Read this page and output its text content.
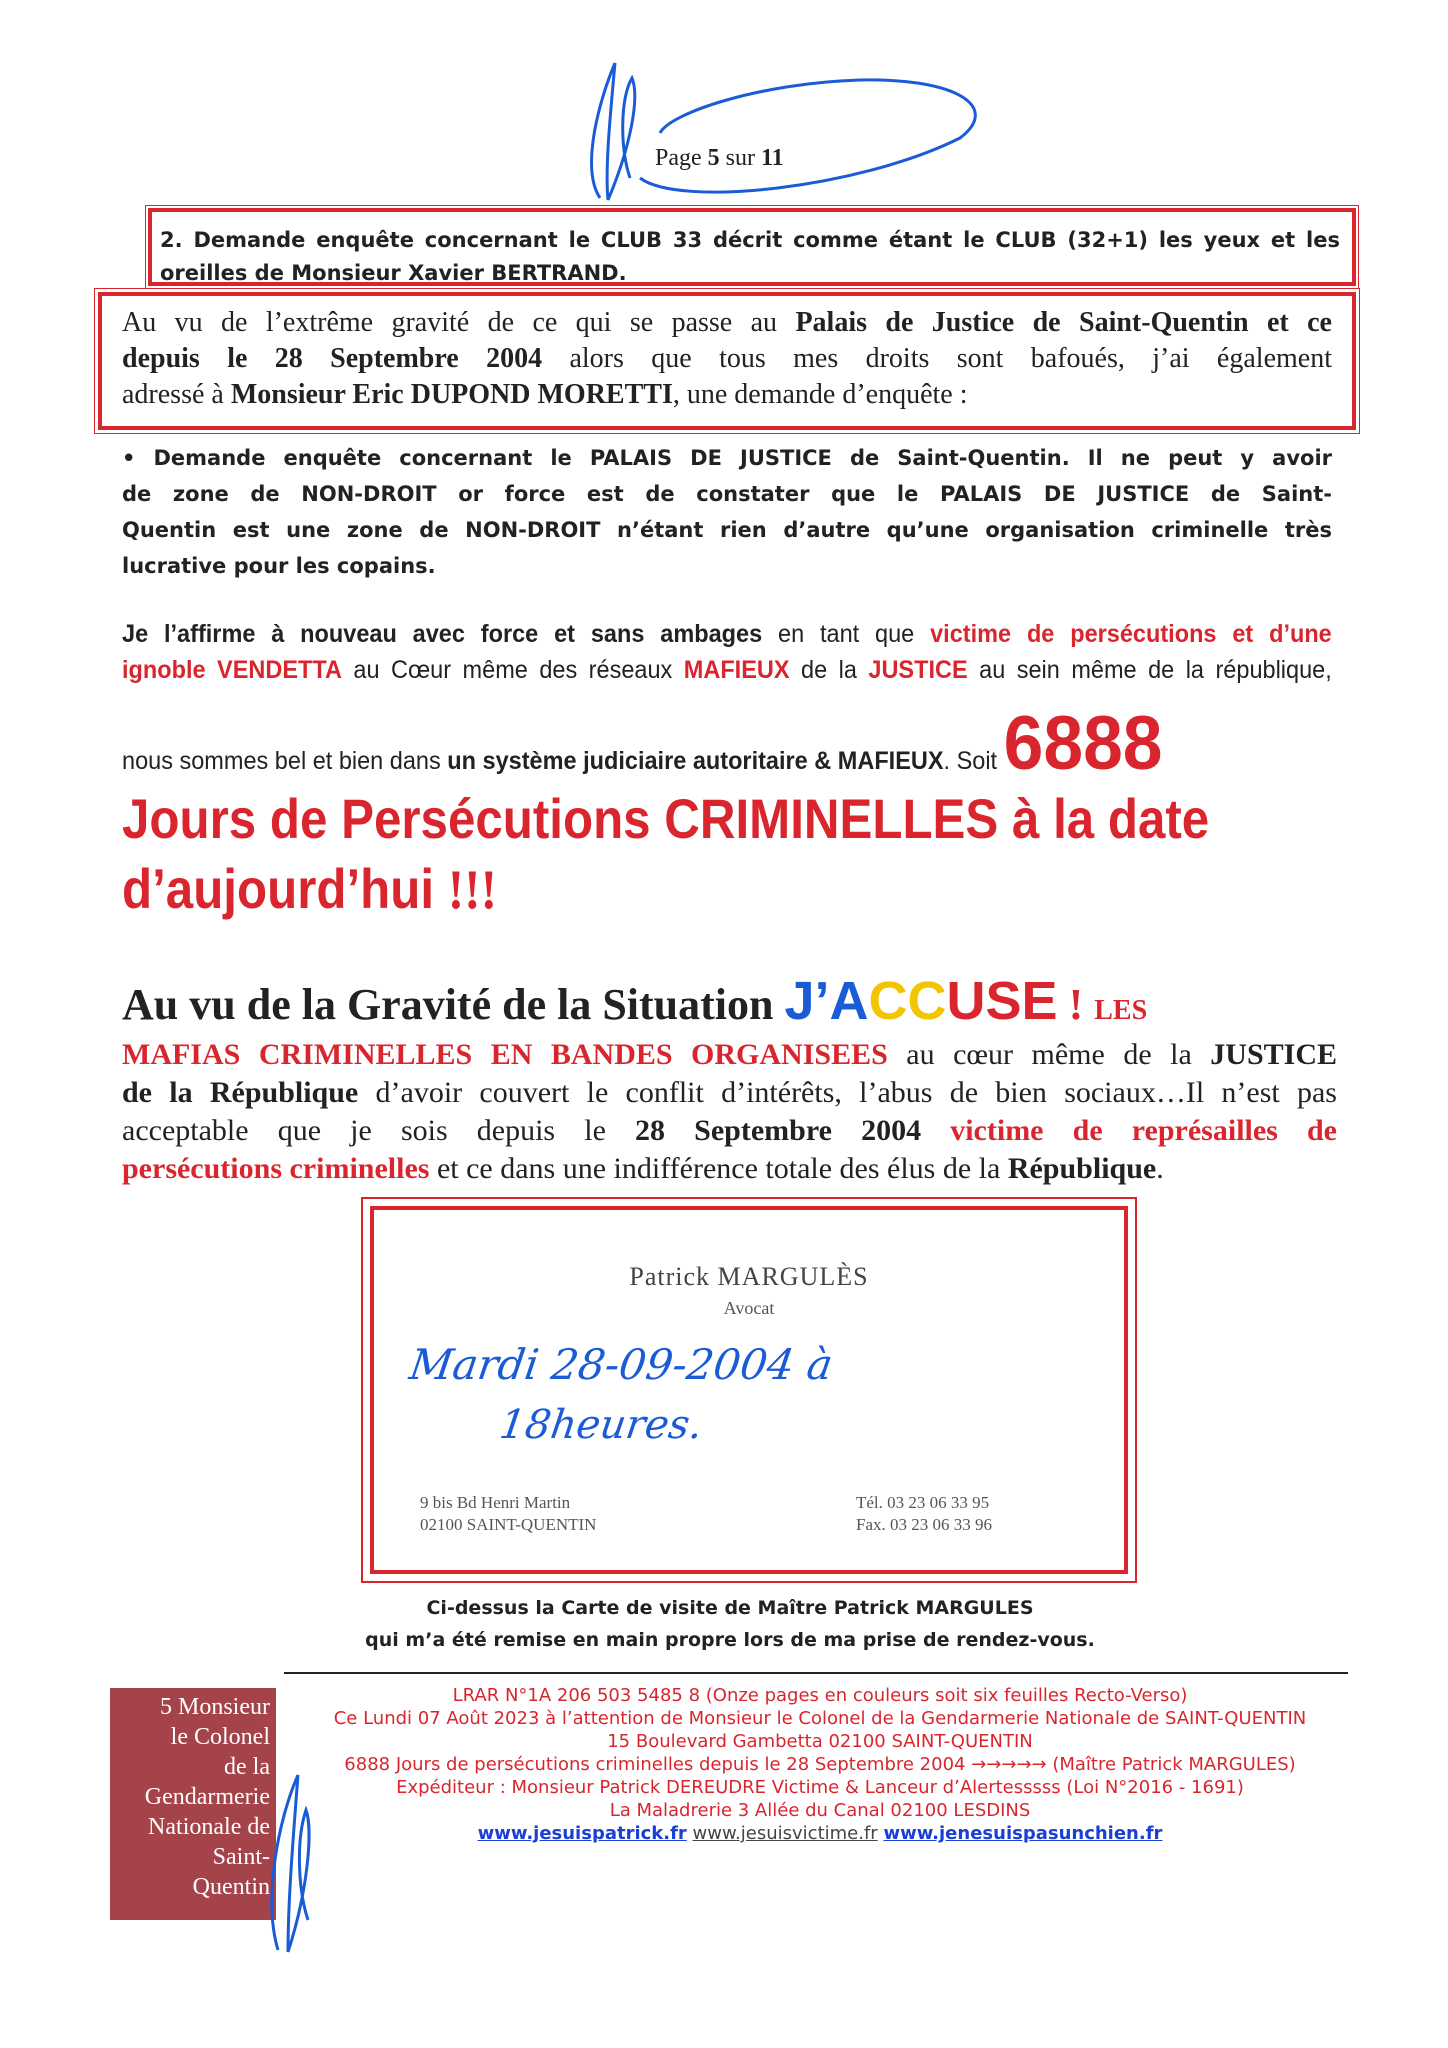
Page 5 sur 11
2. Demande enquête concernant le CLUB 33 décrit comme étant le CLUB (32+1) les yeux et les
oreilles de Monsieur Xavier BERTRAND.
Au vu de l’extrême gravité de ce qui se passe au Palais de Justice de Saint-Quentin et ce
depuis le 28 Septembre 2004 alors que tous mes droits sont bafoués, j’ai également
adressé à Monsieur Eric DUPOND MORETTI, une demande d’enquête :
• Demande enquête concernant le PALAIS DE JUSTICE de Saint-Quentin. Il ne peut y avoir
de zone de NON-DROIT or force est de constater que le PALAIS DE JUSTICE de Saint-
Quentin est une zone de NON-DROIT n’étant rien d’autre qu’une organisation criminelle très
lucrative pour les copains.
Je l’affirme à nouveau avec force et sans ambages en tant que victime de persécutions et d’une
ignoble VENDETTA au Cœur même des réseaux MAFIEUX de la JUSTICE au sein même de la république,
nous sommes bel et bien dans un système judiciaire autoritaire & MAFIEUX. Soit 6888
Jours de Persécutions CRIMINELLES à la date
d’aujourd’hui !!!
Au vu de la Gravité de la Situation J’ACCUSE ! LES
MAFIAS CRIMINELLES EN BANDES ORGANISEES au cœur même de la JUSTICE
de la République d’avoir couvert le conflit d’intérêts, l’abus de bien sociaux…Il n’est pas
acceptable que je sois depuis le 28 Septembre 2004 victime de représailles de
persécutions criminelles et ce dans une indifférence totale des élus de la République.
Patrick MARGULÈS
Avocat
Mardi 28-09-2004 à
18heures.
9 bis Bd Henri Martin
02100 SAINT-QUENTIN
Tél. 03 23 06 33 95
Fax. 03 23 06 33 96
Ci-dessus la Carte de visite de Maître Patrick MARGULES
qui m’a été remise en main propre lors de ma prise de rendez-vous.
5 Monsieur
le Colonel
de la
Gendarmerie
Nationale de
Saint-
Quentin
LRAR N°1A 206 503 5485 8 (Onze pages en couleurs soit six feuilles Recto-Verso)
Ce Lundi 07 Août 2023 à l’attention de Monsieur le Colonel de la Gendarmerie Nationale de SAINT-QUENTIN
15 Boulevard Gambetta 02100 SAINT-QUENTIN
6888 Jours de persécutions criminelles depuis le 28 Septembre 2004 →→→→→ (Maître Patrick MARGULES)
Expéditeur : Monsieur Patrick DEREUDRE Victime & Lanceur d’Alertesssss (Loi N°2016 - 1691)
La Maladrerie 3 Allée du Canal 02100 LESDINS
www.jesuispatrick.fr www.jesuisvictime.fr www.jenesuispasunchien.fr
